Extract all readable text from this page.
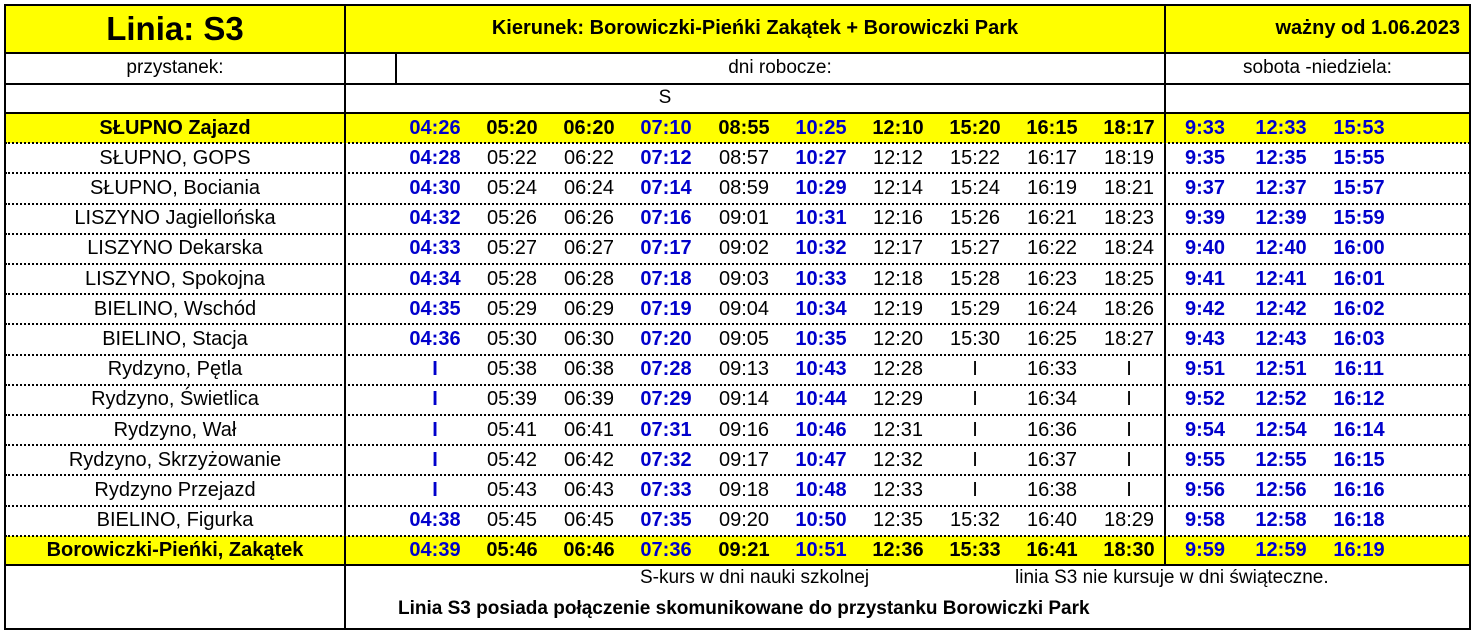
Linia: S3	Kierunek: Borowiczki-Pieńki Zakątek + Borowiczki Park	ważny od 1.06.2023
przystanek:	dni robocze:	sobota -niedziela:
S
SŁUPNO Zajazd	04:26	05:20	06:20	07:10	08:55	10:25	12:10	15:20	16:15	18:17	9:33	12:33	15:53
SŁUPNO, GOPS	04:28	05:22	06:22	07:12	08:57	10:27	12:12	15:22	16:17	18:19	9:35	12:35	15:55
SŁUPNO, Bociania	04:30	05:24	06:24	07:14	08:59	10:29	12:14	15:24	16:19	18:21	9:37	12:37	15:57
LISZYNO Jagiellońska	04:32	05:26	06:26	07:16	09:01	10:31	12:16	15:26	16:21	18:23	9:39	12:39	15:59
LISZYNO Dekarska	04:33	05:27	06:27	07:17	09:02	10:32	12:17	15:27	16:22	18:24	9:40	12:40	16:00
LISZYNO, Spokojna	04:34	05:28	06:28	07:18	09:03	10:33	12:18	15:28	16:23	18:25	9:41	12:41	16:01
BIELINO, Wschód	04:35	05:29	06:29	07:19	09:04	10:34	12:19	15:29	16:24	18:26	9:42	12:42	16:02
BIELINO, Stacja	04:36	05:30	06:30	07:20	09:05	10:35	12:20	15:30	16:25	18:27	9:43	12:43	16:03
Rydzyno, Pętla	I	05:38	06:38	07:28	09:13	10:43	12:28	I	16:33	I	9:51	12:51	16:11
Rydzyno, Świetlica	I	05:39	06:39	07:29	09:14	10:44	12:29	I	16:34	I	9:52	12:52	16:12
Rydzyno, Wał	I	05:41	06:41	07:31	09:16	10:46	12:31	I	16:36	I	9:54	12:54	16:14
Rydzyno, Skrzyżowanie	I	05:42	06:42	07:32	09:17	10:47	12:32	I	16:37	I	9:55	12:55	16:15
Rydzyno Przejazd	I	05:43	06:43	07:33	09:18	10:48	12:33	I	16:38	I	9:56	12:56	16:16
BIELINO, Figurka	04:38	05:45	06:45	07:35	09:20	10:50	12:35	15:32	16:40	18:29	9:58	12:58	16:18
Borowiczki-Pieńki, Zakątek	04:39	05:46	06:46	07:36	09:21	10:51	12:36	15:33	16:41	18:30	9:59	12:59	16:19
S-kurs w dni nauki szkolnej	linia S3 nie kursuje w dni świąteczne.
Linia S3 posiada połączenie skomunikowane do przystanku Borowiczki Park
